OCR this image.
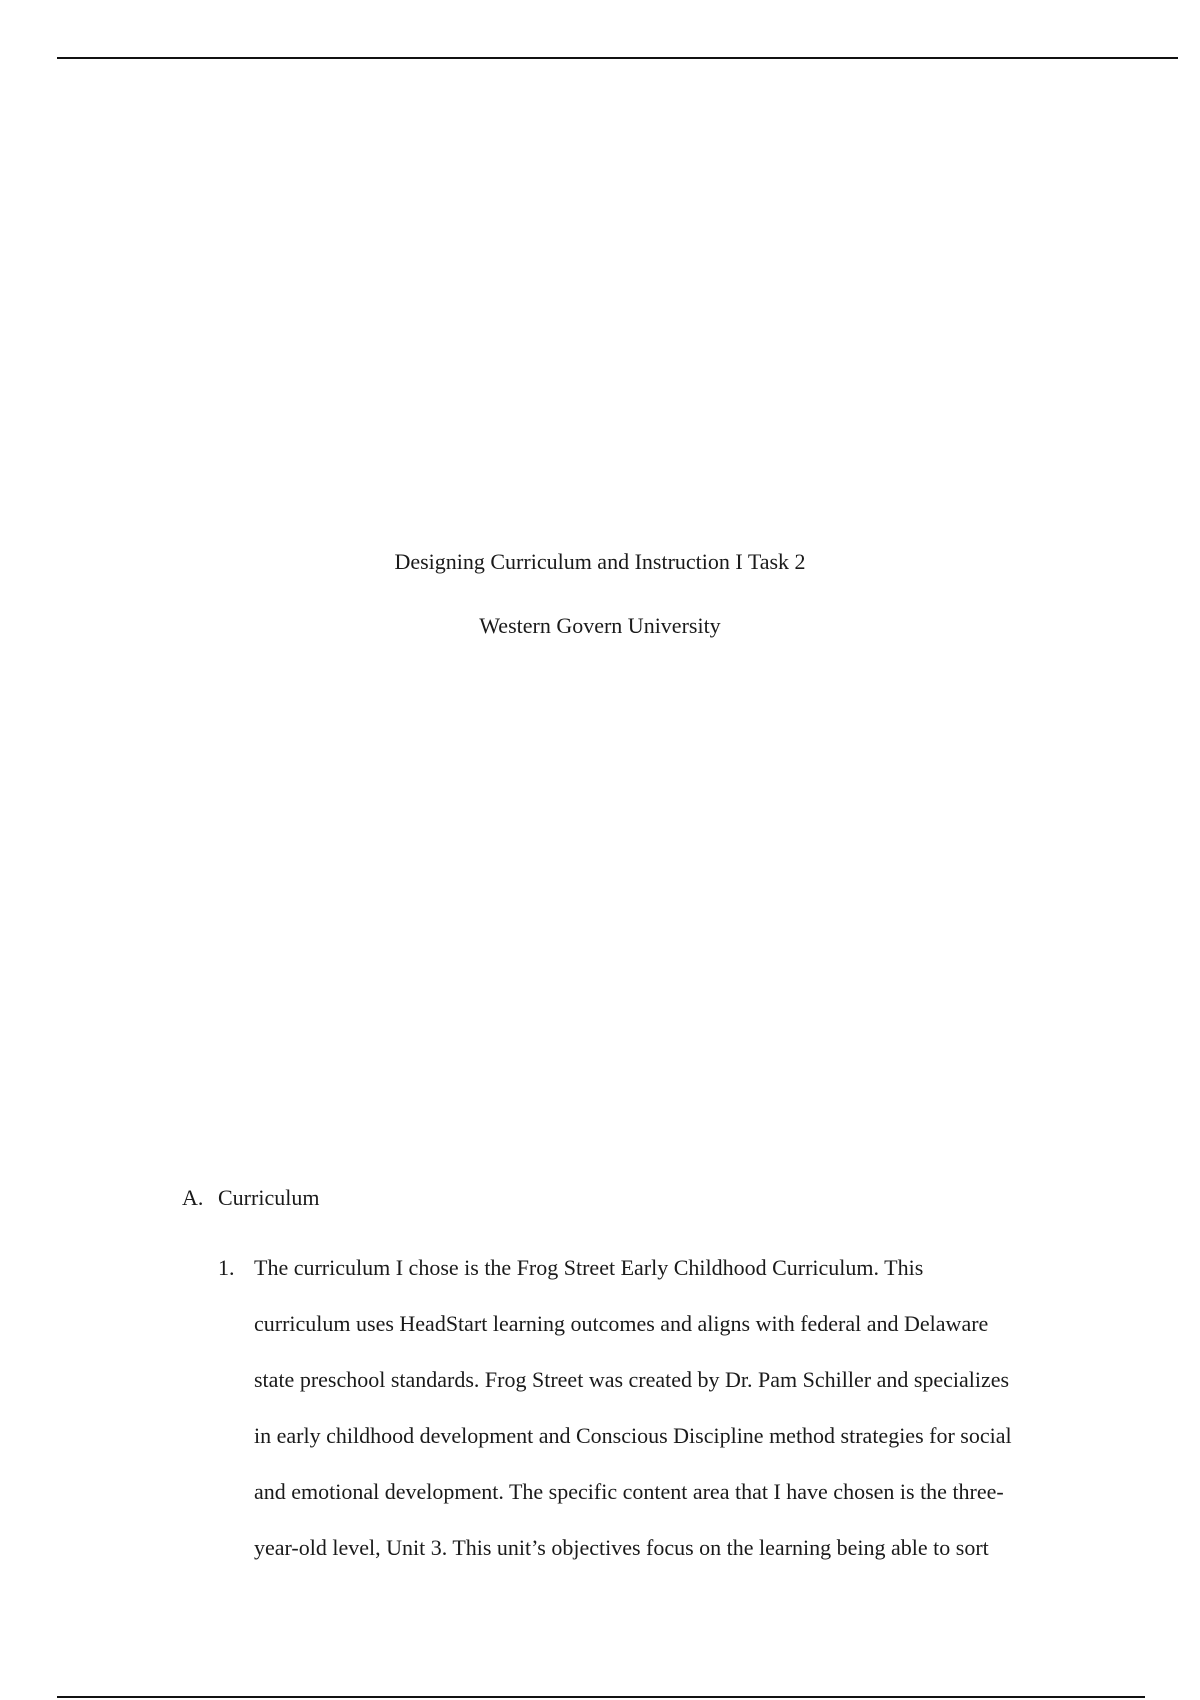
Designing Curriculum and Instruction I Task 2
Western Govern University
A. Curriculum
1. The curriculum I chose is the Frog Street Early Childhood Curriculum. This
curriculum uses HeadStart learning outcomes and aligns with federal and Delaware
state preschool standards. Frog Street was created by Dr. Pam Schiller and specializes
in early childhood development and Conscious Discipline method strategies for social
and emotional development. The specific content area that I have chosen is the three-
year-old level, Unit 3. This unit’s objectives focus on the learning being able to sort
